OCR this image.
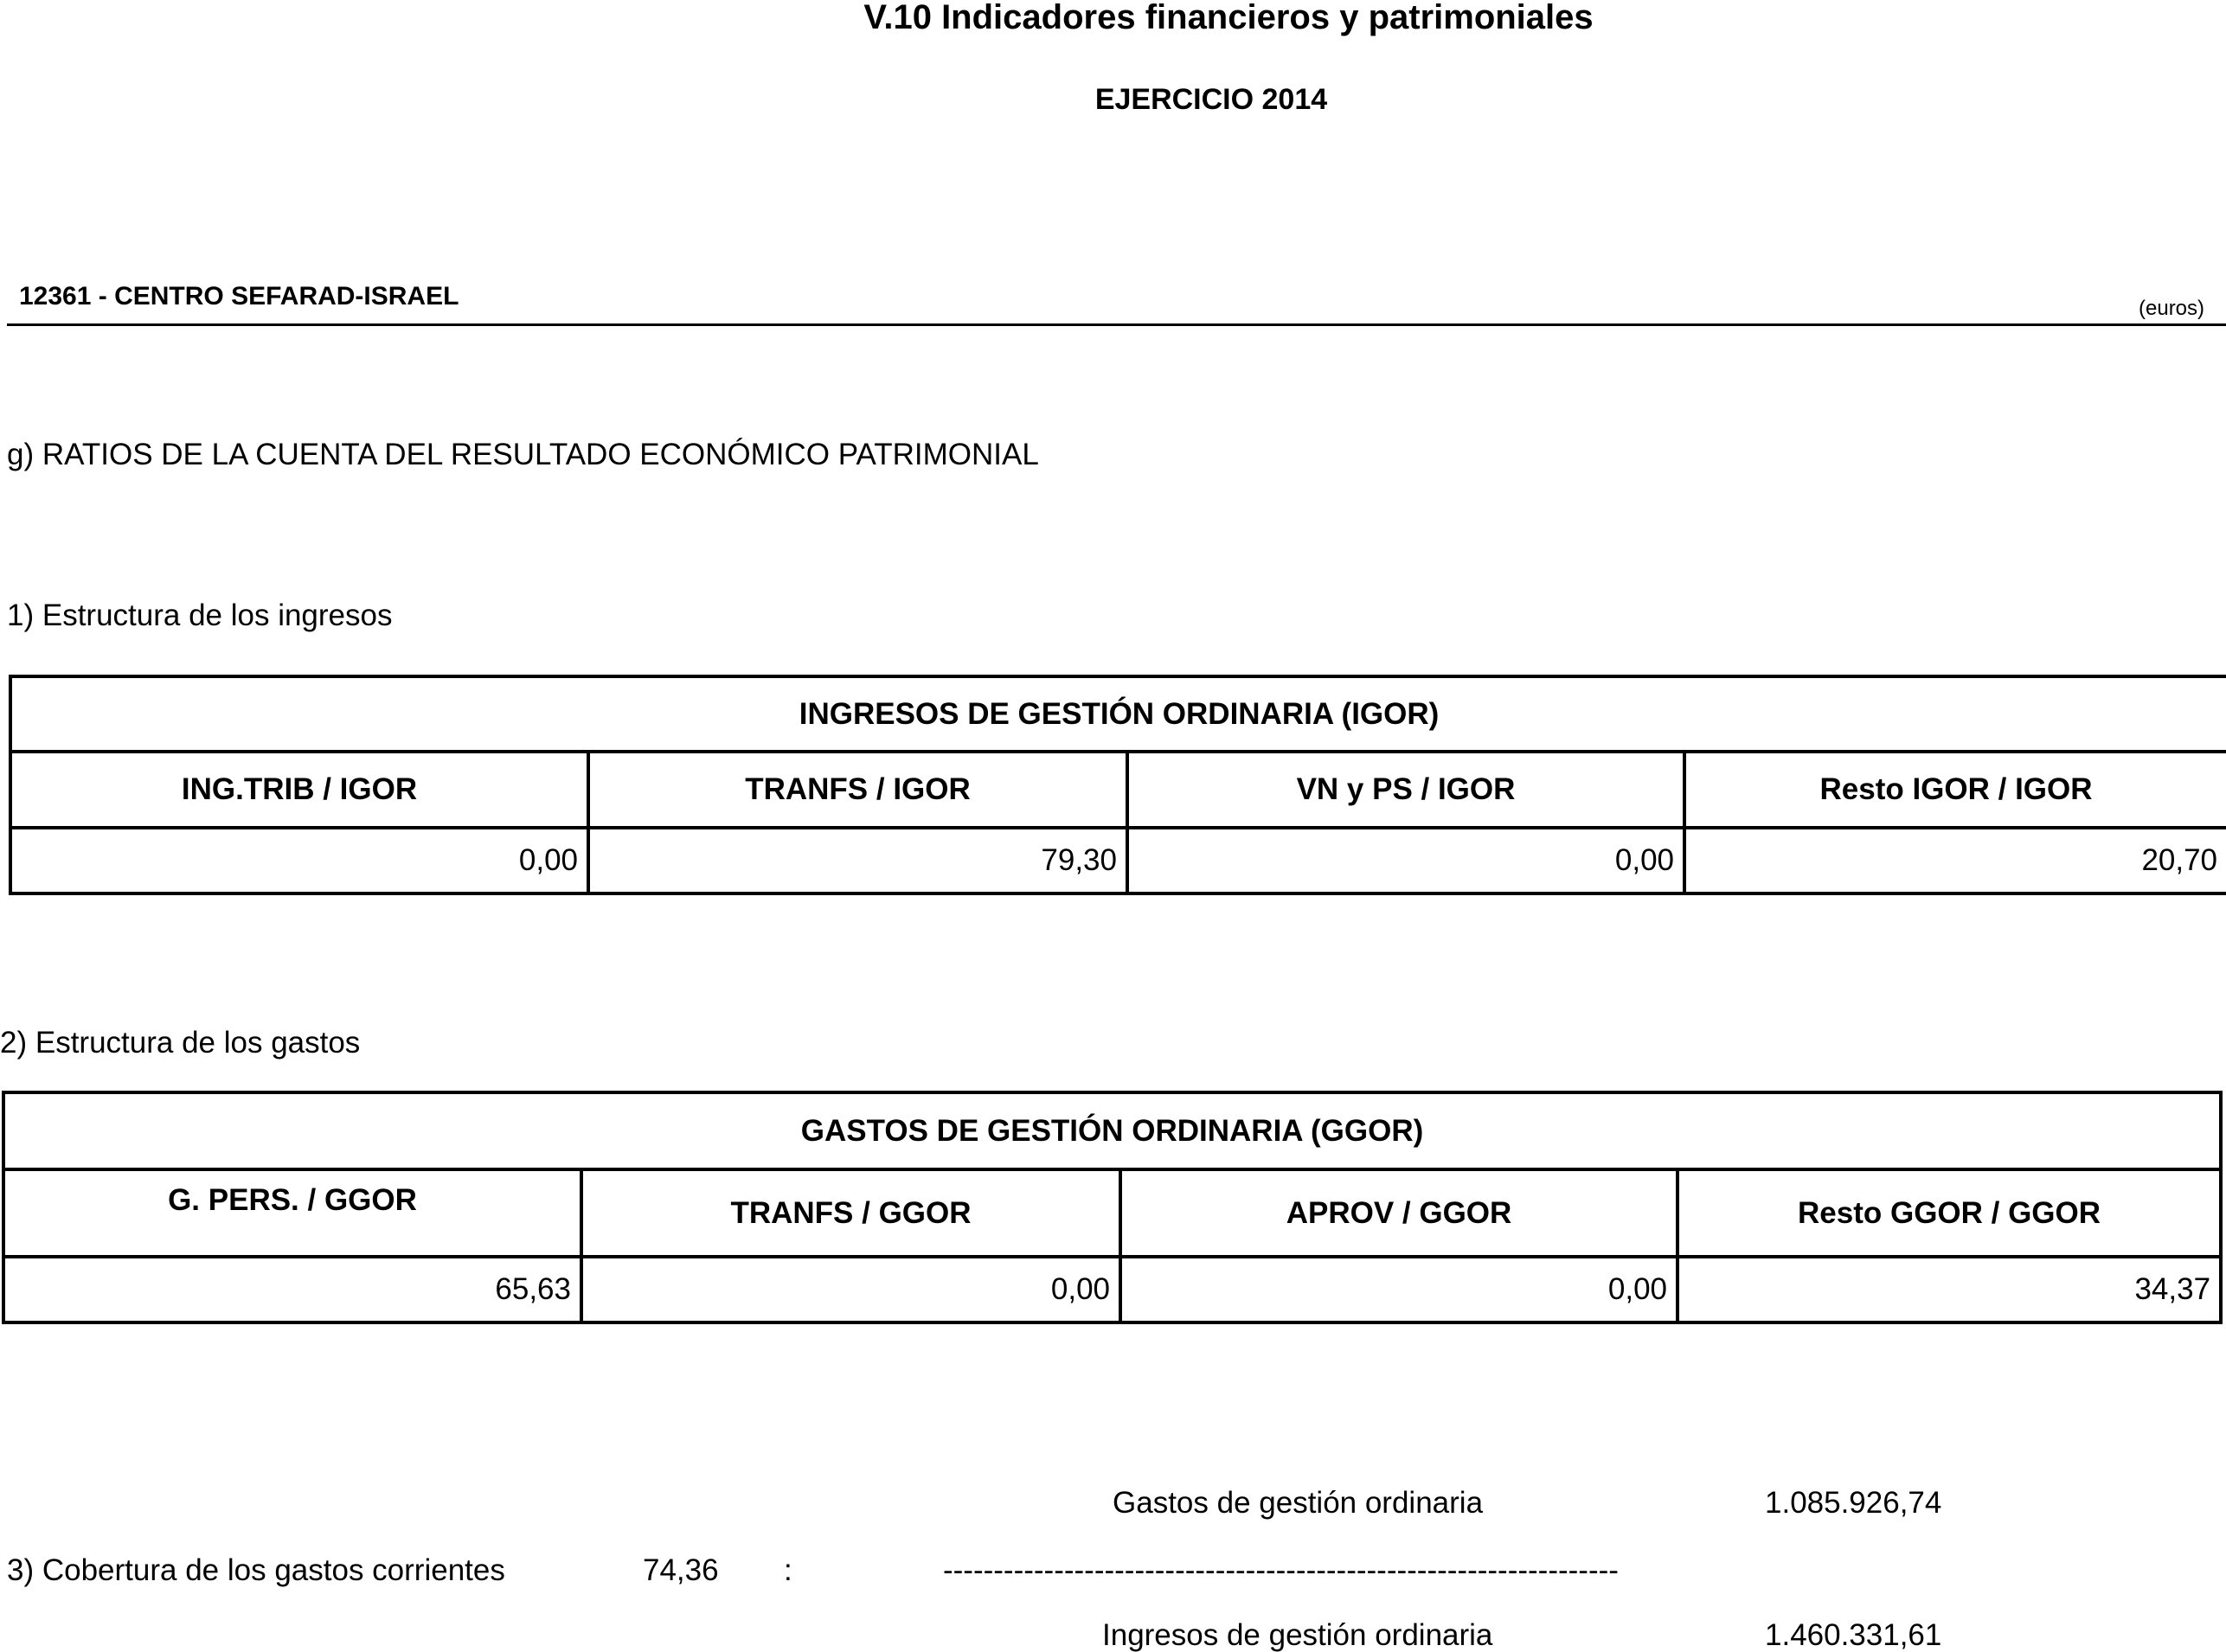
V.10 Indicadores financieros y patrimoniales
EJERCICIO 2014
12361 - CENTRO SEFARAD-ISRAEL	(euros)
g) RATIOS DE LA CUENTA DEL RESULTADO ECONÓMICO PATRIMONIAL
1) Estructura de los ingresos
INGRESOS DE GESTIÓN ORDINARIA (IGOR)			
ING.TRIB / IGOR	TRANFS / IGOR	VN y PS / IGOR	Resto IGOR / IGOR
0,00	79,30	0,00	20,70
2) Estructura de los gastos
GASTOS DE GESTIÓN ORDINARIA (GGOR)			
G. PERS. / GGOR	TRANFS / GGOR	APROV / GGOR	Resto GGOR / GGOR
65,63	0,00	0,00	34,37
Gastos de gestión ordinaria	1.085.926,74
3) Cobertura de los gastos corrientes	74,36 :	-------------------------------------------------------------------
Ingresos de gestión ordinaria	1.460.331,61
